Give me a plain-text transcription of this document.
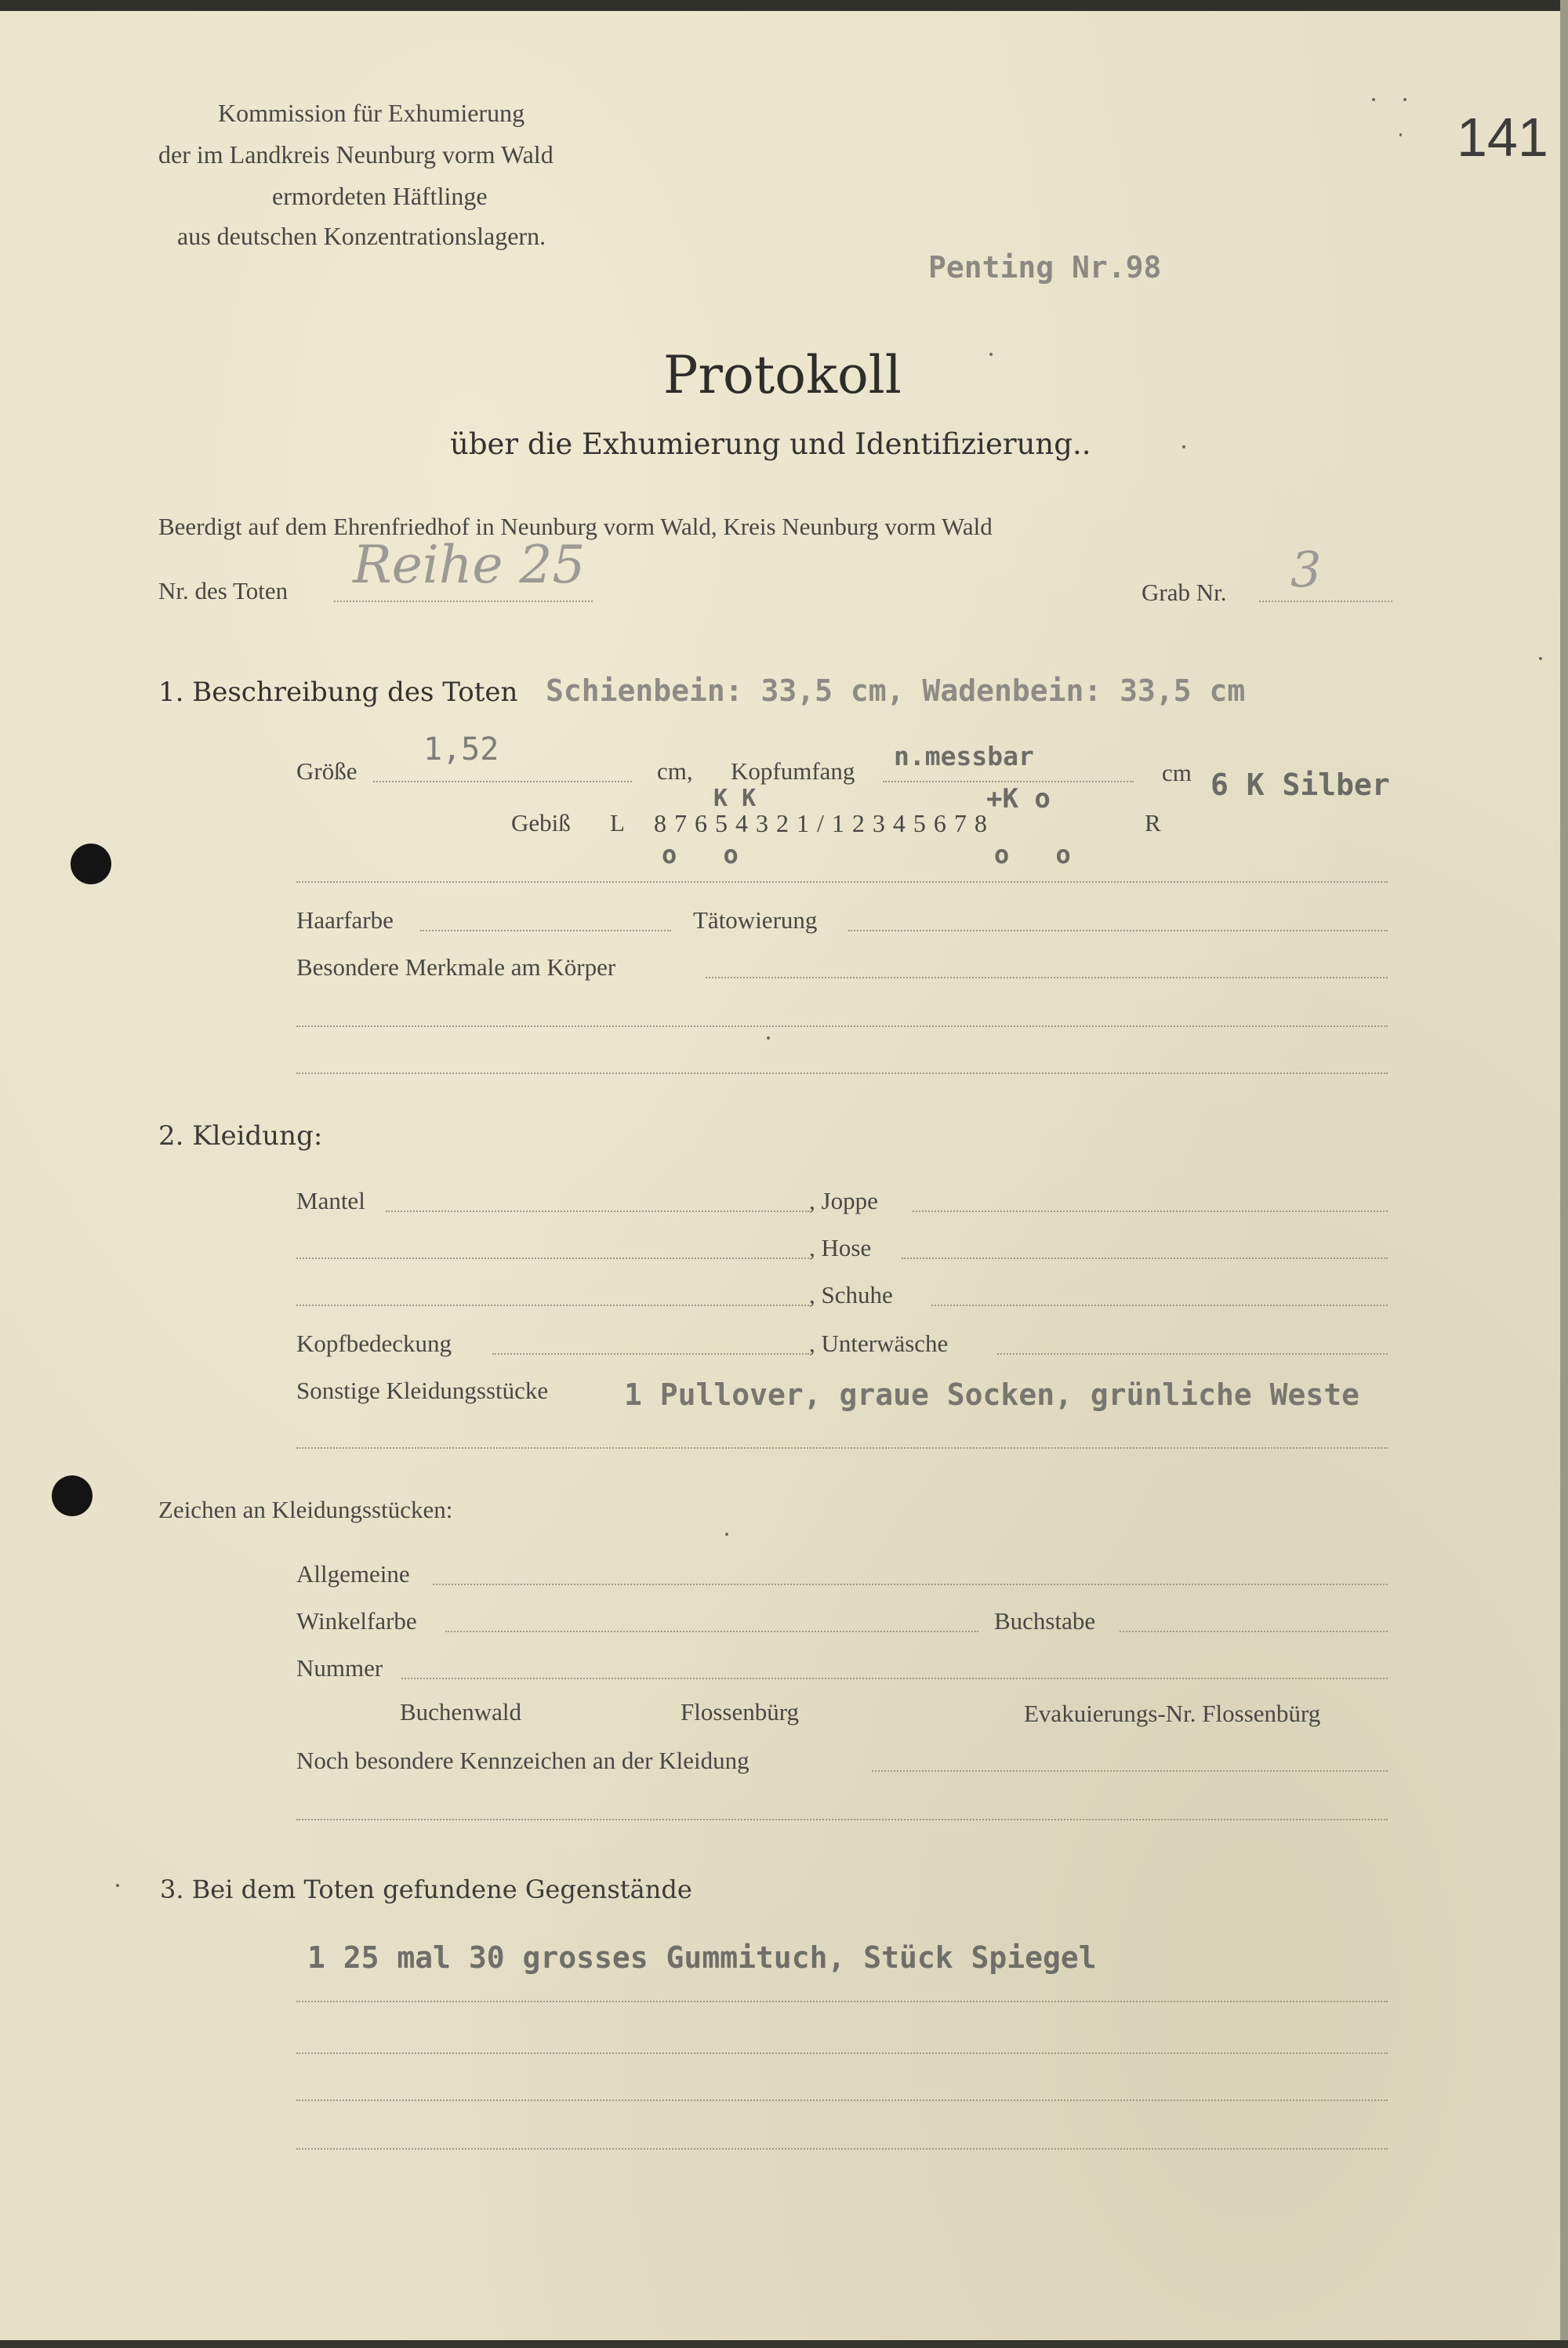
Kommission für Exhumierung
der im Landkreis Neunburg vorm Wald
ermordeten Häftlinge
aus deutschen Konzentrationslagern.
141
Penting Nr.98
Protokoll
über die Exhumierung und Identifizierung..
Beerdigt auf dem Ehrenfriedhof in Neunburg vorm Wald, Kreis Neunburg vorm Wald
Nr. des Toten Reihe 25	Grab Nr. 3
1. Beschreibung des Toten Schienbein: 33,5 cm, Wadenbein: 33,5 cm
Größe
1,52
cm, Kopfumfang n.messbar
cm 6 K Silber
K K	+K o
Gebiß L 8 7 6 5 4 3 2 1 / 1 2 3 4 5 6 7 8	R
o o	o o
Haarfarbe	Tätowierung
Besondere Merkmale am Körper
2. Kleidung:
Mantel	, Joppe
, Hose
, Schuhe
Kopfbedeckung	, Unterwäsche
Sonstige Kleidungsstücke	1 Pullover, graue Socken, grünliche Weste
Zeichen an Kleidungsstücken:
Allgemeine
Winkelfarbe	Buchstabe
Nummer
Buchenwald	Flossenbürg	Evakuierungs-Nr. Flossenbürg
Noch besondere Kennzeichen an der Kleidung
3. Bei dem Toten gefundene Gegenstände
1 25 mal 30 grosses Gummituch, Stück Spiegel
